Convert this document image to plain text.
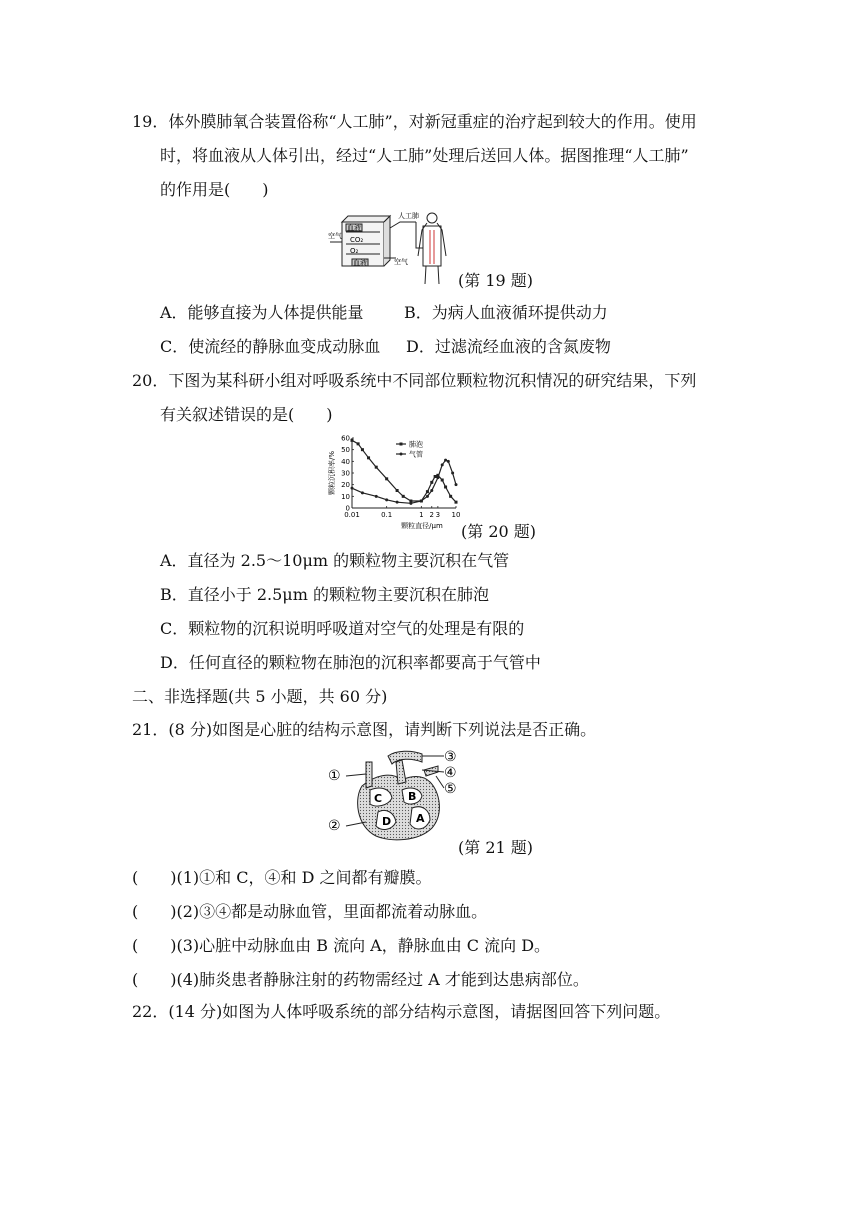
19．体外膜肺氧合装置俗称“人工肺”，对新冠重症的治疗起到较大的作用。使用
时，将血液从人体引出，经过“人工肺”处理后送回人体。据图推理“人工肺”
的作用是(　　)
血液
血液
CO₂
O₂
空气
空气
人工肺
(第 19 题)
A．能够直接为人体提供能量	B．为病人血液循环提供动力
C．使流经的静脉血变成动脉血 D．过滤流经血液的含氮废物
20．下图为某科研小组对呼吸系统中不同部位颗粒物沉积情况的研究结果，下列
有关叙述错误的是(　　)
0
10
20
30
40
50
60
0.01	0.1	1 2 3 10
颗粒直径/μm
颗粒沉积率/%
肺泡
气管
(第 20 题)
A．直径为 2.5～10μm 的颗粒物主要沉积在气管
B．直径小于 2.5μm 的颗粒物主要沉积在肺泡
C．颗粒物的沉积说明呼吸道对空气的处理是有限的
D．任何直径的颗粒物在肺泡的沉积率都要高于气管中
二、非选择题(共 5 小题，共 60 分)
21．(8 分)如图是心脏的结构示意图，请判断下列说法是否正确。
①
②
③
④
⑤
C B
D A
(第 21 题)
(　　)(1)①和 C，④和 D 之间都有瓣膜。
(　　)(2)③④都是动脉血管，里面都流着动脉血。
(　　)(3)心脏中动脉血由 B 流向 A，静脉血由 C 流向 D。
(　　)(4)肺炎患者静脉注射的药物需经过 A 才能到达患病部位。
22．(14 分)如图为人体呼吸系统的部分结构示意图，请据图回答下列问题。
